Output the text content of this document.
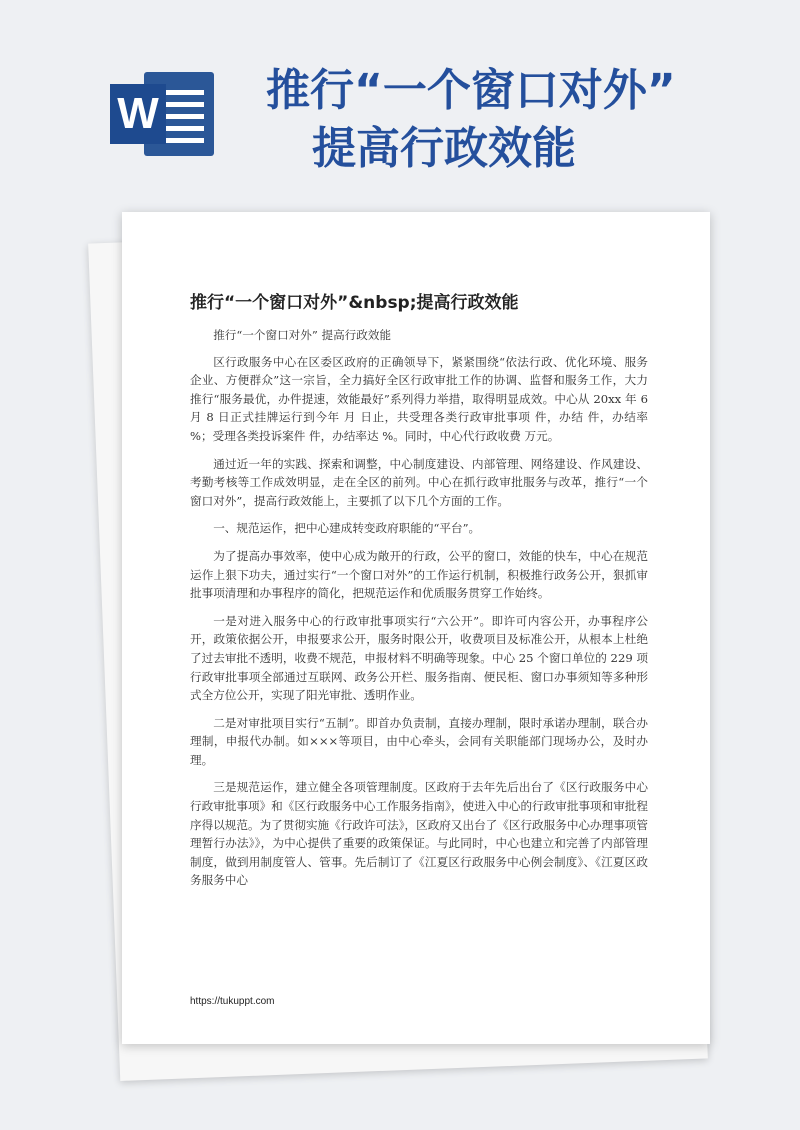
W	推行“一个窗口对外”
提高行政效能
推行“一个窗口对外”&nbsp;提高行政效能

推行“一个窗口对外” 提高行政效能

区行政服务中心在区委区政府的正确领导下，紧紧围绕“依法行政、优化环境、服务企业、方便群众”这一宗旨，全力搞好全区行政审批工作的协调、监督和服务工作，大力推行“服务最优，办件提速，效能最好”系列得力举措，取得明显成效。中心从 20xx 年 6 月 8 日正式挂牌运行到今年 月 日止，共受理各类行政审批事项 件，办结 件，办结率 %；受理各类投诉案件 件，办结率达 %。同时，中心代行政收费 万元。

通过近一年的实践、探索和调整，中心制度建设、内部管理、网络建设、作风建设、考勤考核等工作成效明显，走在全区的前列。中心在抓行政审批服务与改革，推行“一个窗口对外”，提高行政效能上，主要抓了以下几个方面的工作。

一、规范运作，把中心建成转变政府职能的“平台”。

为了提高办事效率，使中心成为敞开的行政，公平的窗口，效能的快车，中心在规范运作上狠下功夫，通过实行“一个窗口对外”的工作运行机制，积极推行政务公开，狠抓审批事项清理和办事程序的简化，把规范运作和优质服务贯穿工作始终。

一是对进入服务中心的行政审批事项实行“六公开”。即许可内容公开，办事程序公开，政策依据公开，申报要求公开，服务时限公开，收费项目及标准公开，从根本上杜绝了过去审批不透明，收费不规范，申报材料不明确等现象。中心 25 个窗口单位的 229 项行政审批事项全部通过互联网、政务公开栏、服务指南、便民柜、窗口办事须知等多种形式全方位公开，实现了阳光审批、透明作业。

二是对审批项目实行“五制”。即首办负责制，直接办理制，限时承诺办理制，联合办理制，申报代办制。如×××等项目，由中心牵头，会同有关职能部门现场办公，及时办理。

三是规范运作，建立健全各项管理制度。区政府于去年先后出台了《区行政服务中心行政审批事项》和《区行政服务中心工作服务指南》，使进入中心的行政审批事项和审批程序得以规范。为了贯彻实施《行政许可法》，区政府又出台了《区行政服务中心办理事项管理暂行办法》》，为中心提供了重要的政策保证。与此同时，中心也建立和完善了内部管理制度，做到用制度管人、管事。先后制订了《江夏区行政服务中心例会制度》、《江夏区政务服务中心

https://tukuppt.com
